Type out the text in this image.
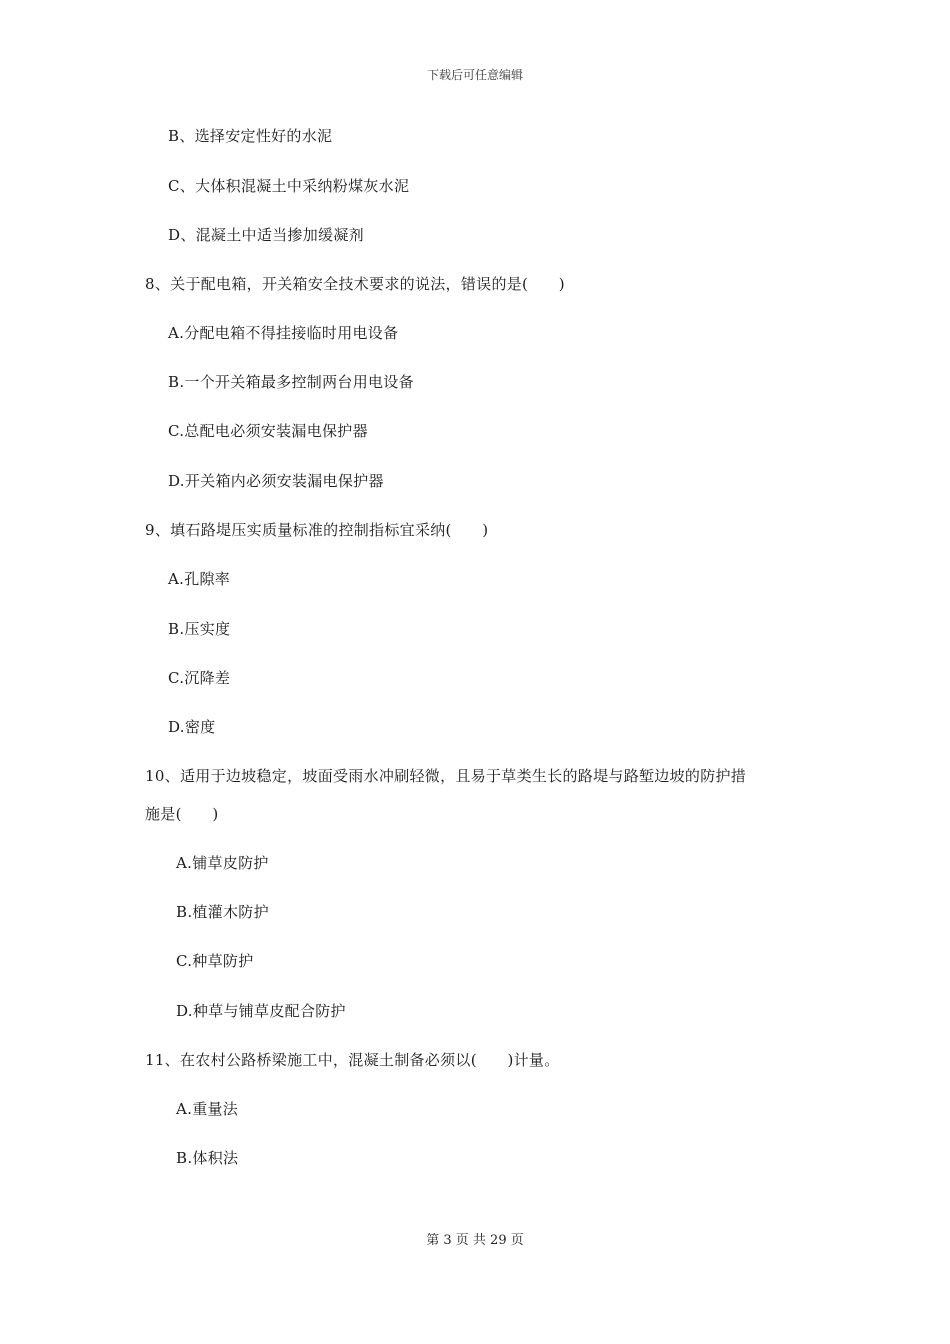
下载后可任意编辑
B、选择安定性好的水泥
C、大体积混凝土中采纳粉煤灰水泥
D、混凝土中适当掺加缓凝剂
8、关于配电箱，开关箱安全技术要求的说法，错误的是(　　)
A.分配电箱不得挂接临时用电设备
B.一个开关箱最多控制两台用电设备
C.总配电必须安装漏电保护器
D.开关箱内必须安装漏电保护器
9、填石路堤压实质量标准的控制指标宜采纳(　　)
A.孔隙率
B.压实度
C.沉降差
D.密度
10、适用于边坡稳定，坡面受雨水冲刷轻微，且易于草类生长的路堤与路堑边坡的防护措
施是(　　)
A.铺草皮防护
B.植灌木防护
C.种草防护
D.种草与铺草皮配合防护
11、在农村公路桥梁施工中，混凝土制备必须以(　　)计量。
A.重量法
B.体积法
第 3 页 共 29 页
